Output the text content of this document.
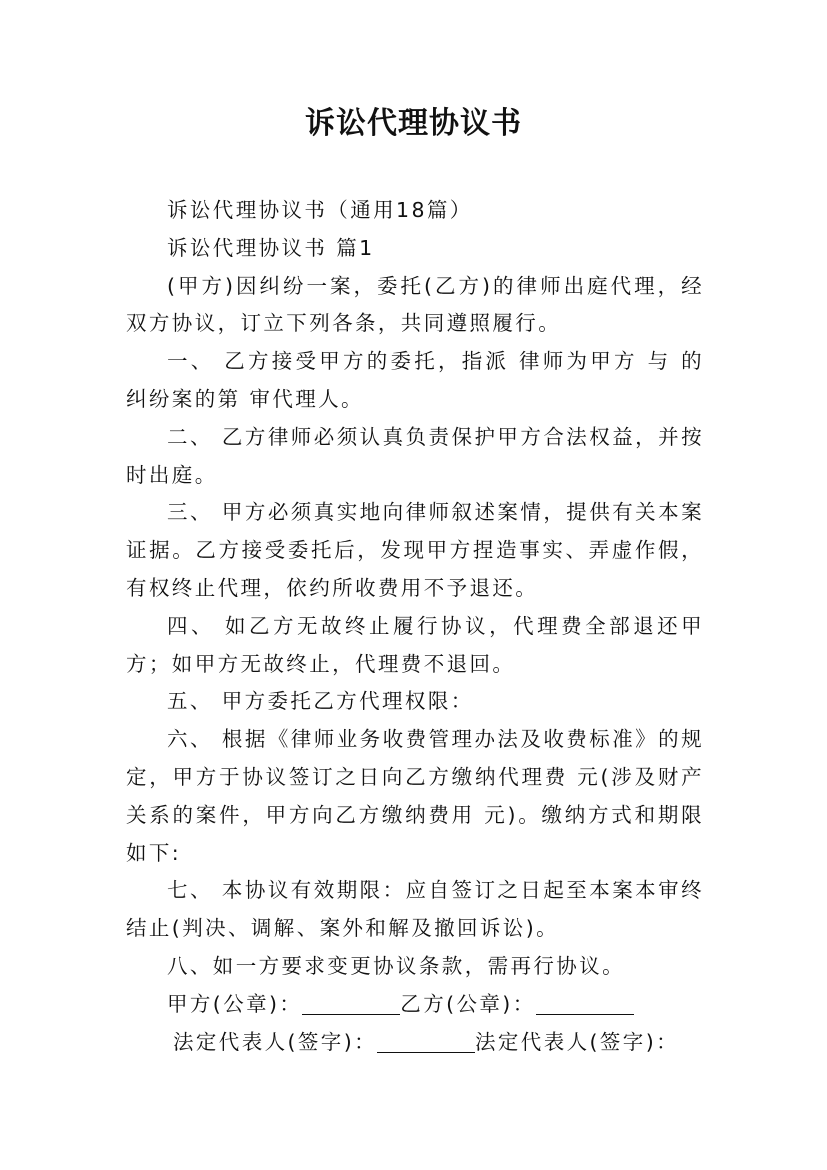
诉讼代理协议书

诉讼代理协议书（通用18篇）

诉讼代理协议书 篇1

(甲方)因纠纷一案，委托(乙方)的律师出庭代理，经双方协议，订立下列各条，共同遵照履行。

一、 乙方接受甲方的委托，指派 律师为甲方 与 的纠纷案的第 审代理人。

二、 乙方律师必须认真负责保护甲方合法权益，并按时出庭。

三、 甲方必须真实地向律师叙述案情，提供有关本案证据。乙方接受委托后，发现甲方捏造事实、弄虚作假，有权终止代理，依约所收费用不予退还。

四、 如乙方无故终止履行协议，代理费全部退还甲方；如甲方无故终止，代理费不退回。

五、 甲方委托乙方代理权限：

六、 根据《律师业务收费管理办法及收费标准》的规定，甲方于协议签订之日向乙方缴纳代理费 元(涉及财产关系的案件，甲方向乙方缴纳费用 元)。缴纳方式和期限如下:

七、 本协议有效期限：应自签订之日起至本案本审终结止(判决、调解、案外和解及撤回诉讼)。

八、如一方要求变更协议条款，需再行协议。

甲方(公章)：	乙方(公章)：

法定代表人(签字)：	法定代表人(签字)：
